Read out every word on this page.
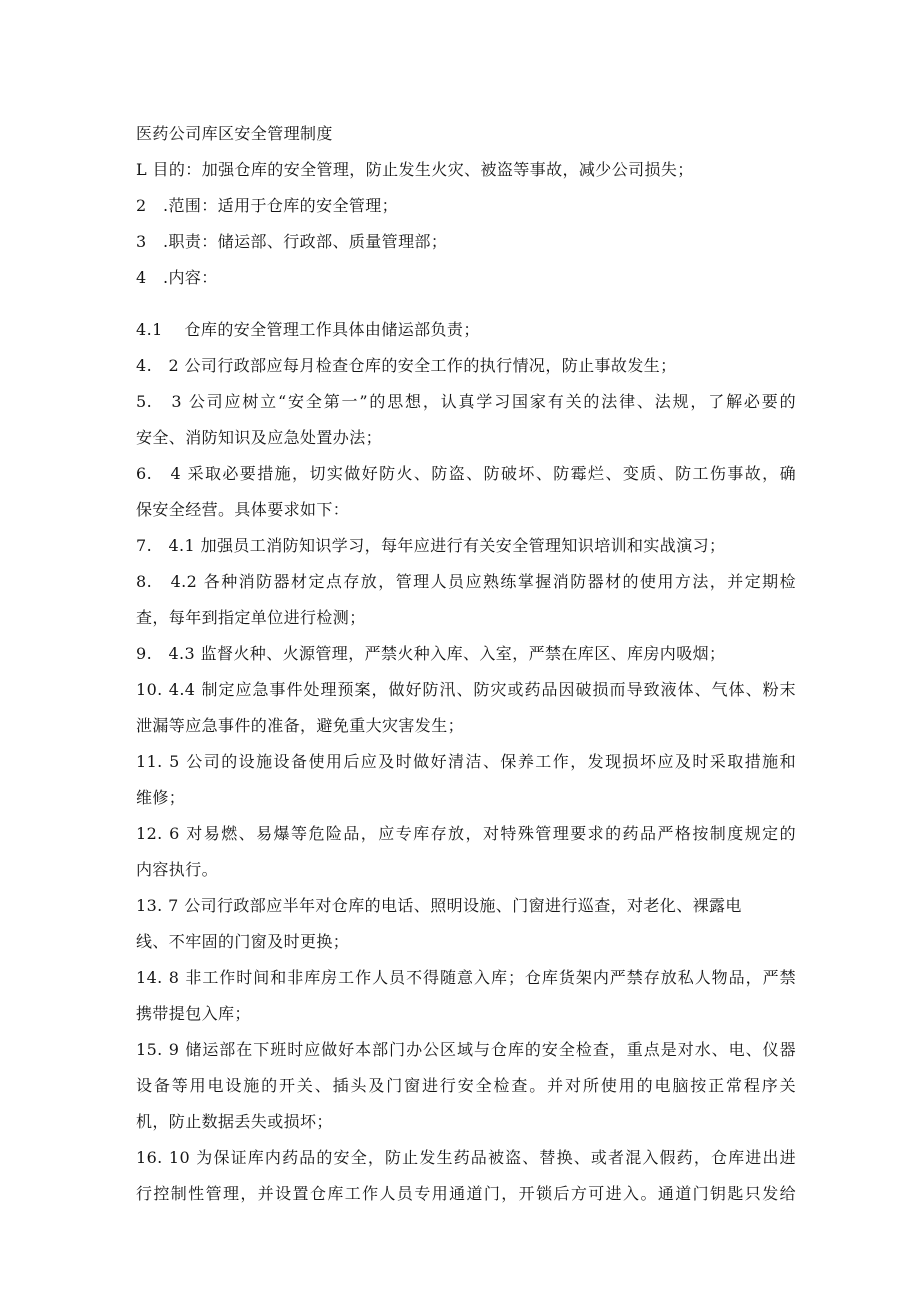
医药公司库区安全管理制度
L 目的：加强仓库的安全管理，防止发生火灾、被盗等事故，减少公司损失；
2　.范围：适用于仓库的安全管理；
3　.职责：储运部、行政部、质量管理部；
4　.内容：
4.1　 仓库的安全管理工作具体由储运部负责；
4.　2 公司行政部应每月检查仓库的安全工作的执行情况，防止事故发生；
5.　3 公司应树立“安全第一”的思想，认真学习国家有关的法律、法规，了解必要的
安全、消防知识及应急处置办法；
6.　4 采取必要措施，切实做好防火、防盗、防破坏、防霉烂、变质、防工伤事故，确
保安全经营。具体要求如下：
7.　4.1 加强员工消防知识学习，每年应进行有关安全管理知识培训和实战演习；
8.　4.2 各种消防器材定点存放，管理人员应熟练掌握消防器材的使用方法，并定期检
查，每年到指定单位进行检测；
9.　4.3 监督火种、火源管理，严禁火种入库、入室，严禁在库区、库房内吸烟；
10. 4.4 制定应急事件处理预案，做好防汛、防灾或药品因破损而导致液体、气体、粉末
泄漏等应急事件的准备，避免重大灾害发生；
11. 5 公司的设施设备使用后应及时做好清洁、保养工作，发现损坏应及时采取措施和
维修；
12. 6 对易燃、易爆等危险品，应专库存放，对特殊管理要求的药品严格按制度规定的
内容执行。
13. 7 公司行政部应半年对仓库的电话、照明设施、门窗进行巡查，对老化、裸露电
线、不牢固的门窗及时更换；
14. 8 非工作时间和非库房工作人员不得随意入库；仓库货架内严禁存放私人物品，严禁
携带提包入库；
15. 9 储运部在下班时应做好本部门办公区域与仓库的安全检查，重点是对水、电、仪器
设备等用电设施的开关、插头及门窗进行安全检查。并对所使用的电脑按正常程序关
机，防止数据丢失或损坏；
16. 10 为保证库内药品的安全，防止发生药品被盗、替换、或者混入假药，仓库进出进
行控制性管理，并设置仓库工作人员专用通道门，开锁后方可进入。通道门钥匙只发给
